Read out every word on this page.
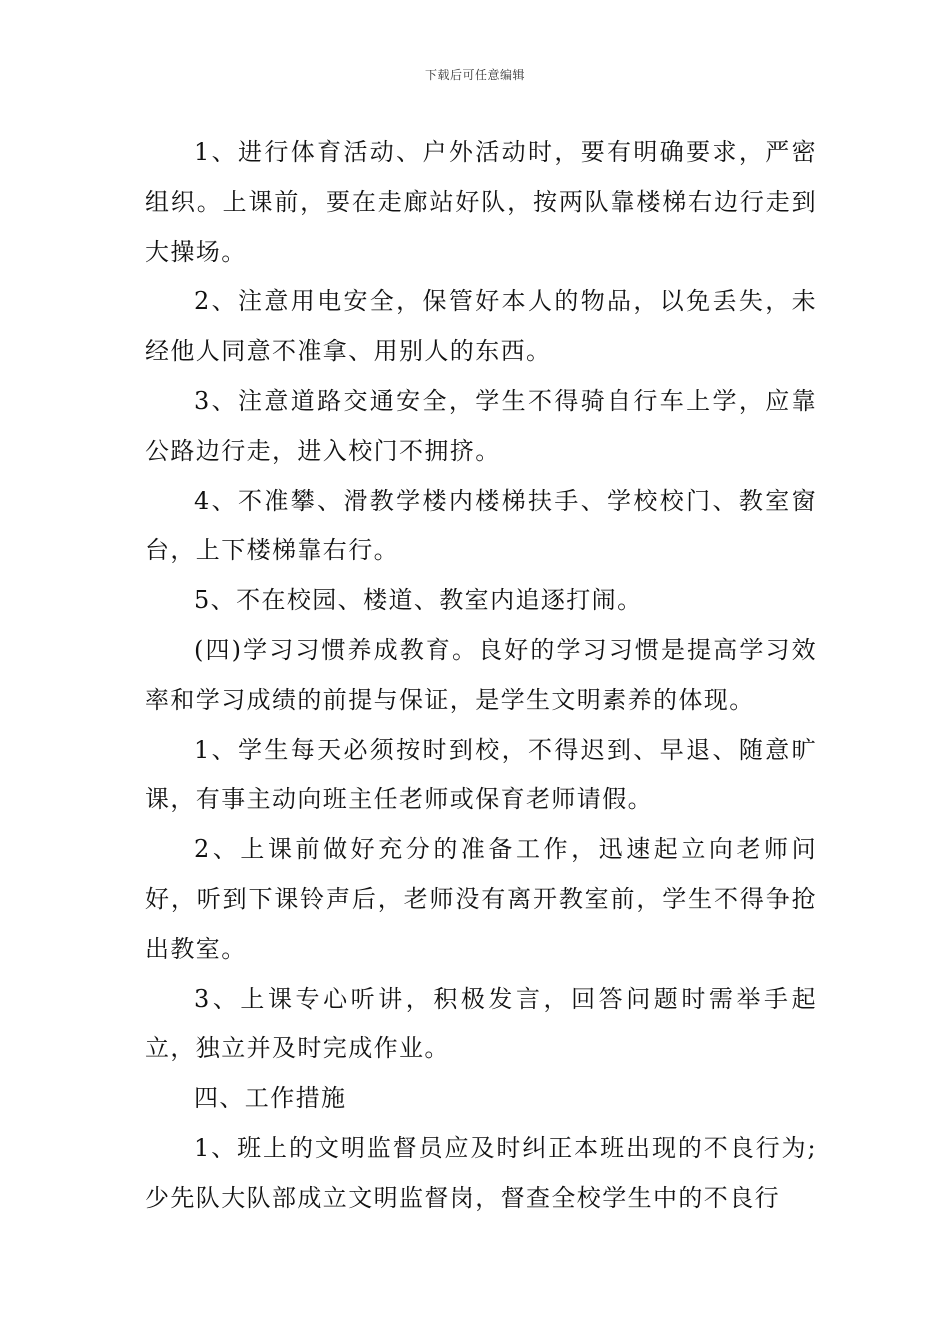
下载后可任意编辑

1、进行体育活动、户外活动时，要有明确要求，严密组织。上课前，要在走廊站好队，按两队靠楼梯右边行走到大操场。

2、注意用电安全，保管好本人的物品，以免丢失，未经他人同意不准拿、用别人的东西。

3、注意道路交通安全，学生不得骑自行车上学，应靠公路边行走，进入校门不拥挤。

4、不准攀、滑教学楼内楼梯扶手、学校校门、教室窗台，上下楼梯靠右行。

5、不在校园、楼道、教室内追逐打闹。

(四)学习习惯养成教育。良好的学习习惯是提高学习效率和学习成绩的前提与保证，是学生文明素养的体现。

1、学生每天必须按时到校，不得迟到、早退、随意旷课，有事主动向班主任老师或保育老师请假。

2、上课前做好充分的准备工作，迅速起立向老师问好，听到下课铃声后，老师没有离开教室前，学生不得争抢出教室。

3、上课专心听讲，积极发言，回答问题时需举手起立，独立并及时完成作业。

四、工作措施

1、班上的文明监督员应及时纠正本班出现的不良行为;少先队大队部成立文明监督岗，督查全校学生中的不良行
